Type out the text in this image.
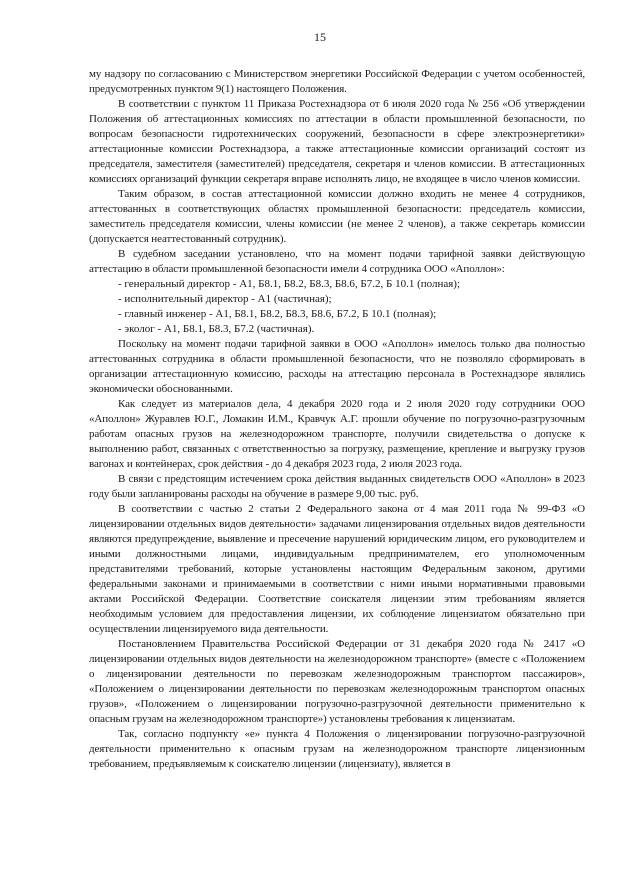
15

му надзору по согласованию с Министерством энергетики Российской Федерации с учетом особенностей, предусмотренных пунктом 9(1) настоящего Положения.

В соответствии с пунктом 11 Приказа Ростехнадзора от 6 июля 2020 года № 256 «Об утверждении Положения об аттестационных комиссиях по аттестации в области промышленной безопасности, по вопросам безопасности гидротехнических сооружений, безопасности в сфере электроэнергетики» аттестационные комиссии Ростехнадзора, а также аттестационные комиссии организаций состоят из председателя, заместителя (заместителей) председателя, секретаря и членов комиссии. В аттестационных комиссиях организаций функции секретаря вправе исполнять лицо, не входящее в число членов комиссии.

Таким образом, в состав аттестационной комиссии должно входить не менее 4 сотрудников, аттестованных в соответствующих областях промышленной безопасности: председатель комиссии, заместитель председателя комиссии, члены комиссии (не менее 2 членов), а также секретарь комиссии (допускается неаттестованный сотрудник).

В судебном заседании установлено, что на момент подачи тарифной заявки действующую аттестацию в области промышленной безопасности имели 4 сотрудника ООО «Аполлон»:

- генеральный директор - А1, Б8.1, Б8.2, Б8.3, Б8.6, Б7.2, Б 10.1 (полная);

- исполнительный директор - А1 (частичная);

- главный инженер - А1, Б8.1, Б8.2, Б8.3, Б8.6, Б7.2, Б 10.1 (полная);

- эколог - А1, Б8.1, Б8.3, Б7.2 (частичная).

Поскольку на момент подачи тарифной заявки в ООО «Аполлон» имелось только два полностью аттестованных сотрудника в области промышленной безопасности, что не позволяло сформировать в организации аттестационную комиссию, расходы на аттестацию персонала в Ростехнадзоре являлись экономически обоснованными.

Как следует из материалов дела, 4 декабря 2020 года и 2 июля 2020 году сотрудники ООО «Аполлон» Журавлев Ю.Г., Ломакин И.М., Кравчук А.Г. прошли обучение по погрузочно-разгрузочным работам опасных грузов на железнодорожном транспорте, получили свидетельства о допуске к выполнению работ, связанных с ответственностью за погрузку, размещение, крепление и выгрузку грузов вагонах и контейнерах, срок действия - до 4 декабря 2023 года, 2 июля 2023 года.

В связи с предстоящим истечением срока действия выданных свидетельств ООО «Аполлон» в 2023 году были запланированы расходы на обучение в размере 9,00 тыс. руб.

В соответствии с частью 2 статьи 2 Федерального закона от 4 мая 2011 года № 99-ФЗ «О лицензировании отдельных видов деятельности» задачами лицензирования отдельных видов деятельности являются предупреждение, выявление и пресечение нарушений юридическим лицом, его руководителем и иными должностными лицами, индивидуальным предпринимателем, его уполномоченным представителями требований, которые установлены настоящим Федеральным законом, другими федеральными законами и принимаемыми в соответствии с ними иными нормативными правовыми актами Российской Федерации. Соответствие соискателя лицензии этим требованиям является необходимым условием для предоставления лицензии, их соблюдение лицензиатом обязательно при осуществлении лицензируемого вида деятельности.

Постановлением Правительства Российской Федерации от 31 декабря 2020 года № 2417 «О лицензировании отдельных видов деятельности на железнодорожном транспорте» (вместе с «Положением о лицензировании деятельности по перевозкам железнодорожным транспортом пассажиров», «Положением о лицензировании деятельности по перевозкам железнодорожным транспортом опасных грузов», «Положением о лицензировании погрузочно-разгрузочной деятельности применительно к опасным грузам на железнодорожном транспорте») установлены требования к лицензиатам.

Так, согласно подпункту «е» пункта 4 Положения о лицензировании погрузочно-разгрузочной деятельности применительно к опасным грузам на железнодорожном транспорте лицензионным требованием, предъявляемым к соискателю лицензии (лицензиату), является в
